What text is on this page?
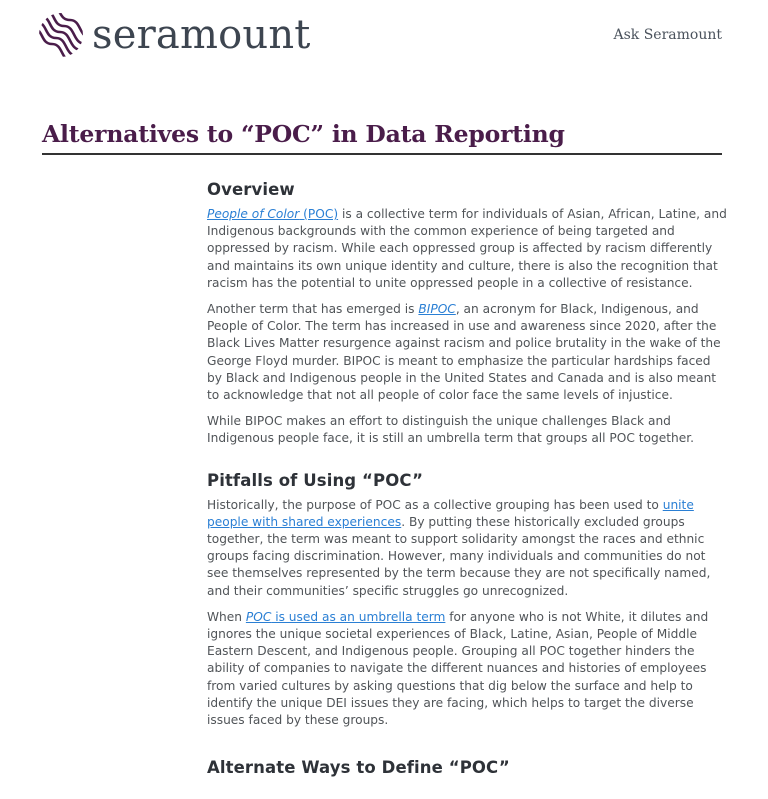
seramount	Ask Seramount
Alternatives to “POC” in Data Reporting
Overview

People of Color (POC) is a collective term for individuals of Asian, African, Latine, and Indigenous backgrounds with the common experience of being targeted and oppressed by racism. While each oppressed group is affected by racism differently and maintains its own unique identity and culture, there is also the recognition that racism has the potential to unite oppressed people in a collective of resistance.

Another term that has emerged is BIPOC, an acronym for Black, Indigenous, and People of Color. The term has increased in use and awareness since 2020, after the Black Lives Matter resurgence against racism and police brutality in the wake of the George Floyd murder. BIPOC is meant to emphasize the particular hardships faced by Black and Indigenous people in the United States and Canada and is also meant to acknowledge that not all people of color face the same levels of injustice.

While BIPOC makes an effort to distinguish the unique challenges Black and Indigenous people face, it is still an umbrella term that groups all POC together.

Pitfalls of Using “POC”

Historically, the purpose of POC as a collective grouping has been used to unite people with shared experiences. By putting these historically excluded groups together, the term was meant to support solidarity amongst the races and ethnic groups facing discrimination. However, many individuals and communities do not see themselves represented by the term because they are not specifically named, and their communities’ specific struggles go unrecognized.

When POC is used as an umbrella term for anyone who is not White, it dilutes and ignores the unique societal experiences of Black, Latine, Asian, People of Middle Eastern Descent, and Indigenous people. Grouping all POC together hinders the ability of companies to navigate the different nuances and histories of employees from varied cultures by asking questions that dig below the surface and help to identify the unique DEI issues they are facing, which helps to target the diverse issues faced by these groups.

Alternate Ways to Define “POC”
